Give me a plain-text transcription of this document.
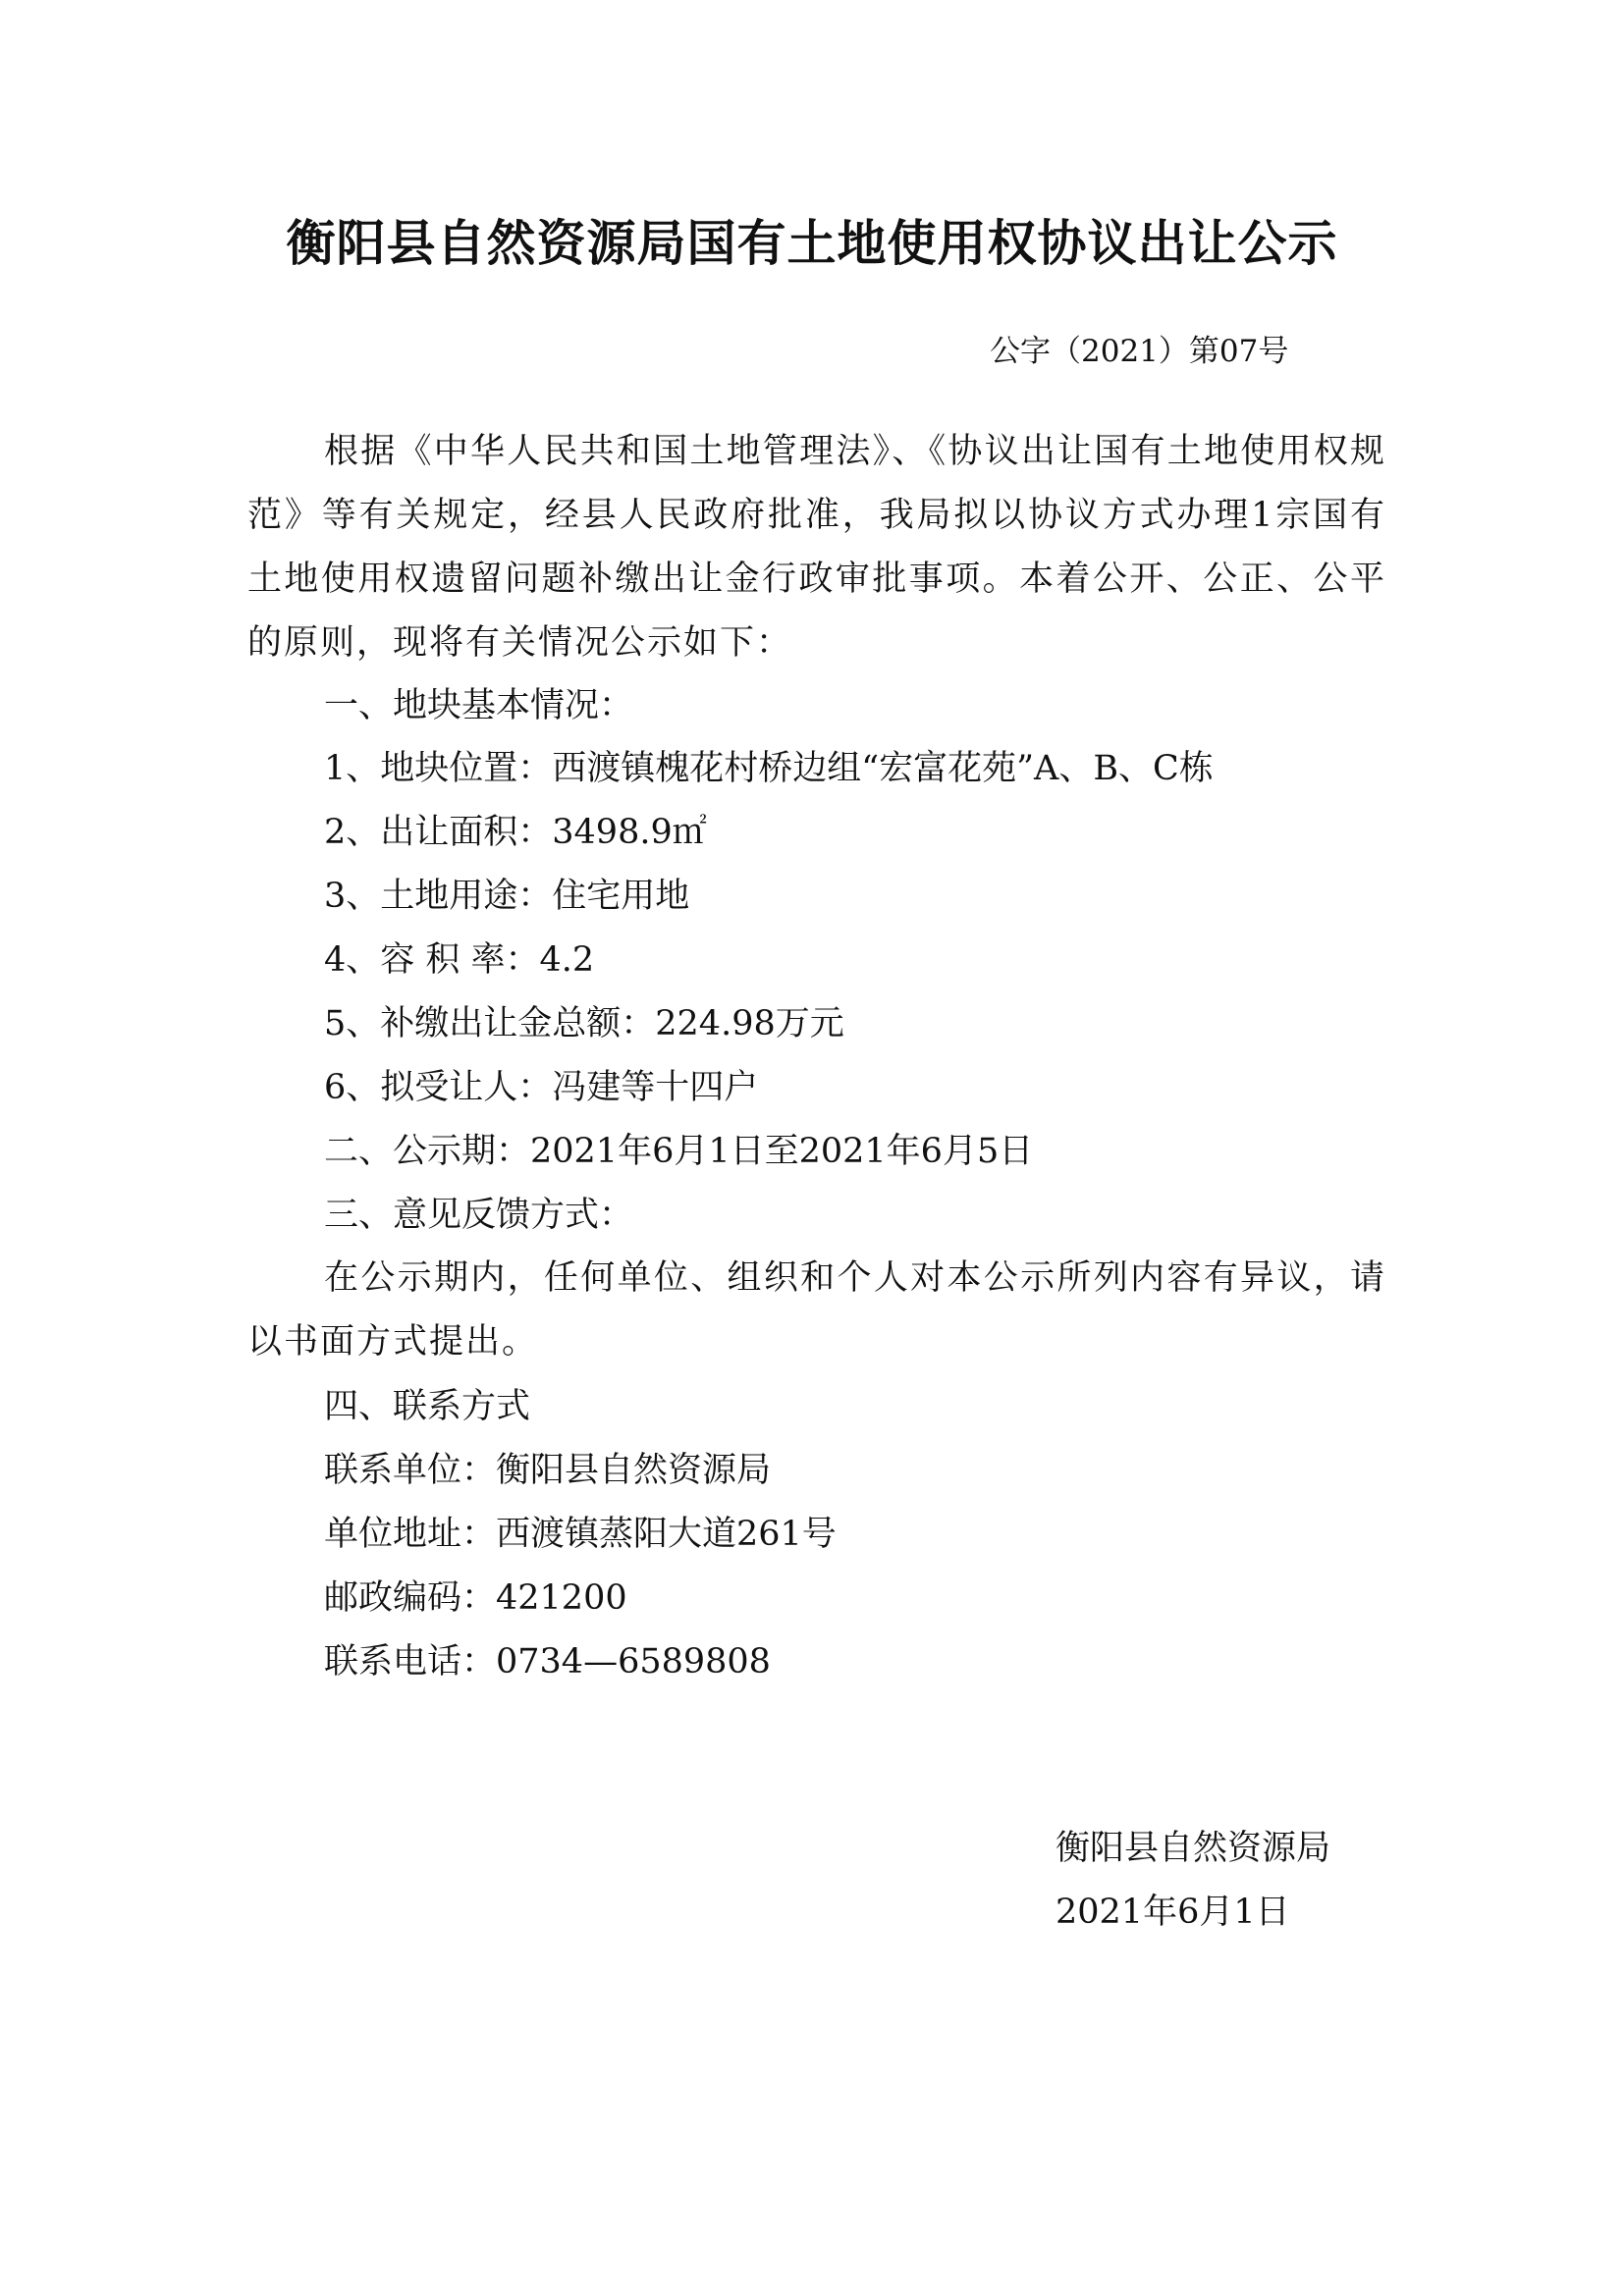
衡阳县自然资源局国有土地使用权协议出让公示
公字（2021）第07号
根据《中华人民共和国土地管理法》、《协议出让国有土地使用权规范》等有关规定，经县人民政府批准，我局拟以协议方式办理1宗国有土地使用权遗留问题补缴出让金行政审批事项。本着公开、公正、公平的原则，现将有关情况公示如下：
一、地块基本情况：
1、地块位置：西渡镇槐花村桥边组“宏富花苑”A、B、C栋
2、出让面积：3498.9㎡
3、土地用途：住宅用地
4、容 积 率：4.2
5、补缴出让金总额：224.98万元
6、拟受让人：冯建等十四户
二、公示期：2021年6月1日至2021年6月5日
三、意见反馈方式：
在公示期内，任何单位、组织和个人对本公示所列内容有异议，请以书面方式提出。
四、联系方式
联系单位：衡阳县自然资源局
单位地址：西渡镇蒸阳大道261号
邮政编码：421200
联系电话：0734—6589808
衡阳县自然资源局
2021年6月1日
